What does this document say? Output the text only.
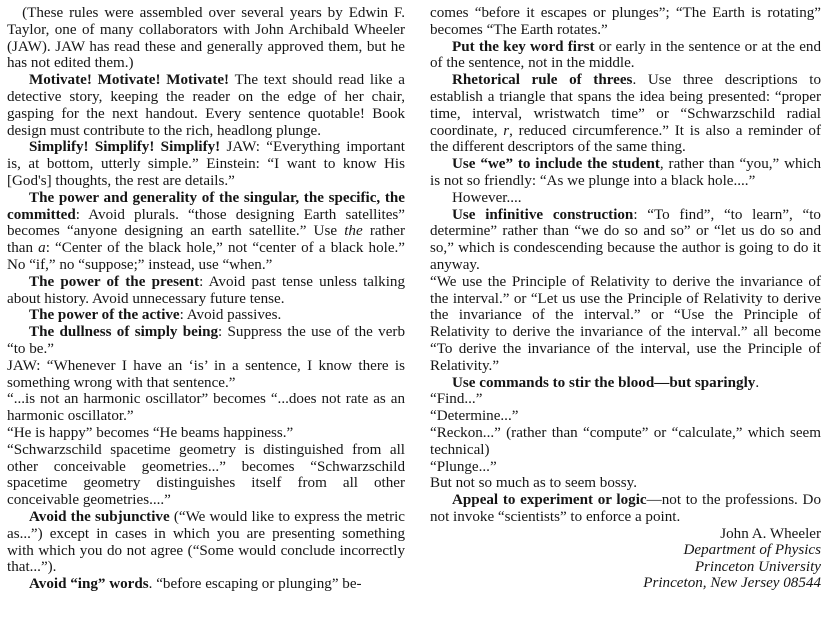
 (These rules were assembled over several years by Edwin F. Taylor, one of many collaborators with John Archibald Wheeler (JAW). JAW has read these and generally approved them, but he has not edited them.)

Motivate! Motivate! Motivate! The text should read like a detective story, keeping the reader on the edge of her chair, gasping for the next handout. Every sentence quotable! Book design must contribute to the rich, headlong plunge.

Simplify! Simplify! Simplify! JAW: “Everything important is, at bottom, utterly simple.” Einstein: “I want to know His [God's] thoughts, the rest are details.”

The power and generality of the singular, the specific, the committed: Avoid plurals. “those designing Earth satellites” becomes “anyone designing an earth satellite.” Use the rather than a: “Center of the black hole,” not “center of a black hole.” No “if,” no “suppose;” instead, use “when.”

The power of the present: Avoid past tense unless talking about history. Avoid unnecessary future tense.

The power of the active: Avoid passives.

The dullness of simply being: Suppress the use of the verb “to be.”

JAW: “Whenever I have an ‘is’ in a sentence, I know there is something wrong with that sentence.”

“...is not an harmonic oscillator” becomes “...does not rate as an harmonic oscillator.”

“He is happy” becomes “He beams happiness.”

“Schwarzschild spacetime geometry is distinguished from all other conceivable geometries...” becomes “Schwarzschild spacetime geometry distinguishes itself from all other conceivable geometries....”

Avoid the subjunctive (“We would like to express the metric as...”) except in cases in which you are presenting something with which you do not agree (“Some would conclude incorrectly that...”).

Avoid “ing” words. “before escaping or plunging” be-

comes “before it escapes or plunges”; “The Earth is rotating” becomes “The Earth rotates.”

Put the key word first or early in the sentence or at the end of the sentence, not in the middle.

Rhetorical rule of threes. Use three descriptions to establish a triangle that spans the idea being presented: “proper time, interval, wristwatch time” or “Schwarzschild radial coordinate, r, reduced circumference.” It is also a reminder of the different descriptors of the same thing.

Use “we” to include the student, rather than “you,” which is not so friendly: “As we plunge into a black hole....”

However....

Use infinitive construction: “To find”, “to learn”, “to determine” rather than “we do so and so” or “let us do so and so,” which is condescending because the author is going to do it anyway.

“We use the Principle of Relativity to derive the invariance of the interval.” or “Let us use the Principle of Relativity to derive the invariance of the interval.” or “Use the Principle of Relativity to derive the invariance of the interval.” all become “To derive the invariance of the interval, use the Principle of Relativity.”

Use commands to stir the blood—but sparingly.

“Find...”

“Determine...”

“Reckon...” (rather than “compute” or “calculate,” which seem technical)

“Plunge...”

But not so much as to seem bossy.

Appeal to experiment or logic—not to the professions. Do not invoke “scientists” to enforce a point.

John A. Wheeler

Department of Physics

Princeton University

Princeton, New Jersey 08544
